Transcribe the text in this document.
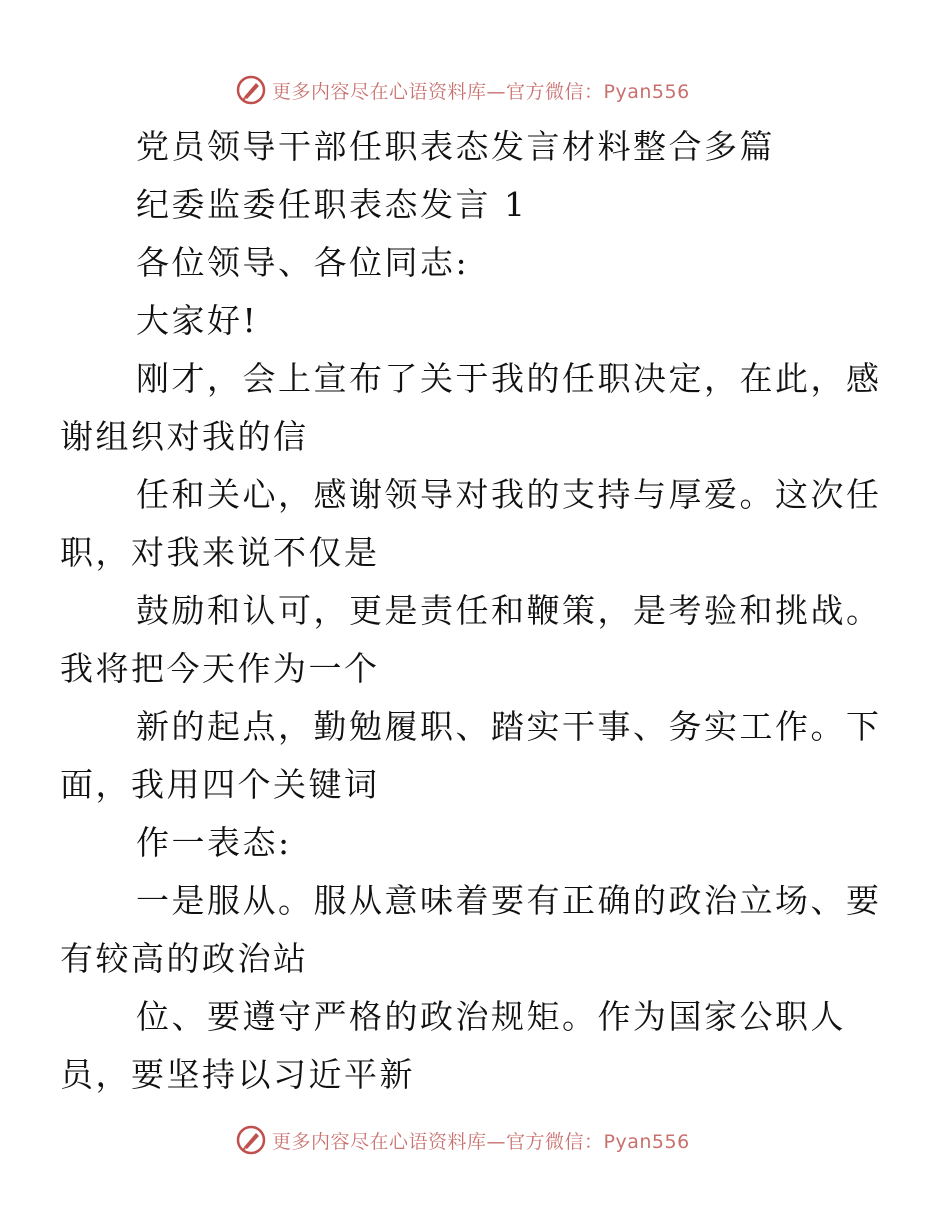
更多内容尽在心语资料库—官方微信：Pyan556

党员领导干部任职表态发言材料整合多篇

纪委监委任职表态发言 1

各位领导、各位同志:

大家好!

刚才，会上宣布了关于我的任职决定，在此，感
谢组织对我的信

任和关心，感谢领导对我的支持与厚爱。这次任
职，对我来说不仅是

鼓励和认可，更是责任和鞭策，是考验和挑战。
我将把今天作为一个

新的起点，勤勉履职、踏实干事、务实工作。下
面，我用四个关键词

作一表态:

一是服从。服从意味着要有正确的政治立场、要
有较高的政治站

位、要遵守严格的政治规矩。作为国家公职人
员，要坚持以习近平新

更多内容尽在心语资料库—官方微信：Pyan556
